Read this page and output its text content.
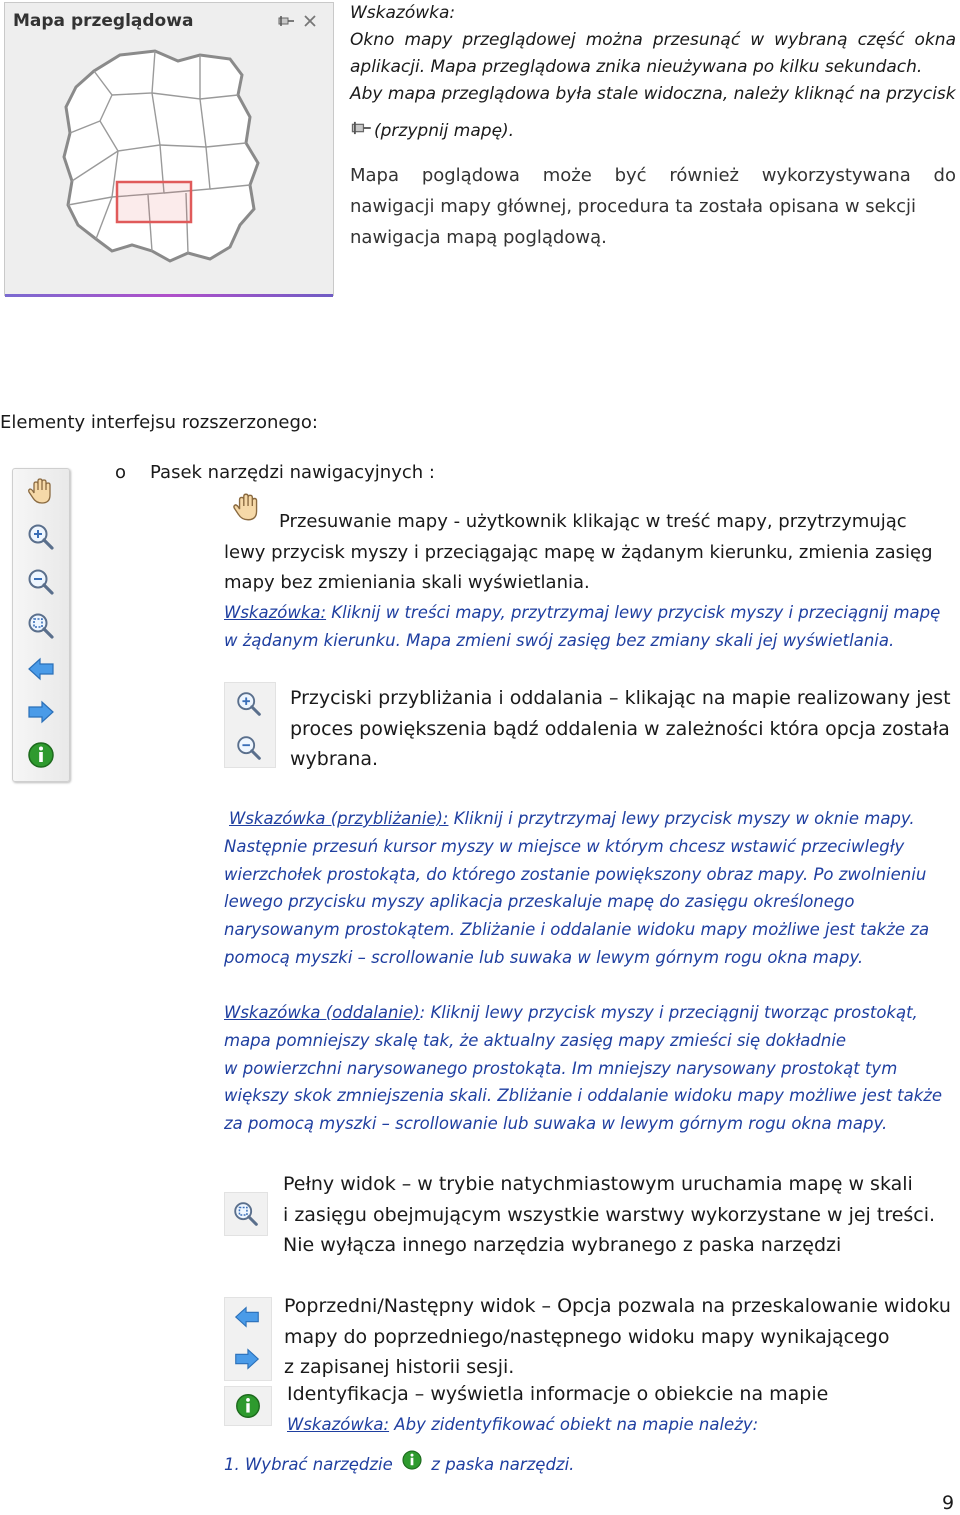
Mapa przeglądowa	Wskazówka:
Okno mapy przeglądowej można przesunąć w wybraną część okna
aplikacji. Mapa przeglądowa znika nieużywana po kilku sekundach.
Aby mapa przeglądowa była stale widoczna, należy kliknąć na przycisk
(przypnij mapę).
Mapa poglądowa może być również wykorzystywana do
nawigacji mapy głównej, procedura ta została opisana w sekcji
nawigacja mapą poglądową.
Elementy interfejsu rozszerzonego:
o Pasek narzędzi nawigacyjnych :
Przesuwanie mapy - użytkownik klikając w treść mapy, przytrzymując
lewy przycisk myszy i przeciągając mapę w żądanym kierunku, zmienia zasięg
mapy bez zmieniania skali wyświetlania.
Wskazówka: Kliknij w treści mapy, przytrzymaj lewy przycisk myszy i przeciągnij mapę
w żądanym kierunku. Mapa zmieni swój zasięg bez zmiany skali jej wyświetlania.
Przyciski przybliżania i oddalania – klikając na mapie realizowany jest
proces powiększenia bądź oddalenia w zależności która opcja została
wybrana.
Wskazówka (przybliżanie): Kliknij i przytrzymaj lewy przycisk myszy w oknie mapy.
Następnie przesuń kursor myszy w miejsce w którym chcesz wstawić przeciwległy
wierzchołek prostokąta, do którego zostanie powiększony obraz mapy. Po zwolnieniu
lewego przycisku myszy aplikacja przeskaluje mapę do zasięgu określonego
narysowanym prostokątem. Zbliżanie i oddalanie widoku mapy możliwe jest także za
pomocą myszki – scrollowanie lub suwaka w lewym górnym rogu okna mapy.
Wskazówka (oddalanie): Kliknij lewy przycisk myszy i przeciągnij tworząc prostokąt,
mapa pomniejszy skalę tak, że aktualny zasięg mapy zmieści się dokładnie
w powierzchni narysowanego prostokąta. Im mniejszy narysowany prostokąt tym
większy skok zmniejszenia skali. Zbliżanie i oddalanie widoku mapy możliwe jest także
za pomocą myszki – scrollowanie lub suwaka w lewym górnym rogu okna mapy.
Pełny widok – w trybie natychmiastowym uruchamia mapę w skali
i zasięgu obejmującym wszystkie warstwy wykorzystane w jej treści.
Nie wyłącza innego narzędzia wybranego z paska narzędzi
Poprzedni/Następny widok – Opcja pozwala na przeskalowanie widoku
mapy do poprzedniego/następnego widoku mapy wynikającego
z zapisanej historii sesji.
Identyfikacja – wyświetla informacje o obiekcie na mapie
Wskazówka: Aby zidentyfikować obiekt na mapie należy:
1. Wybrać narzędzie z paska narzędzi.
9
